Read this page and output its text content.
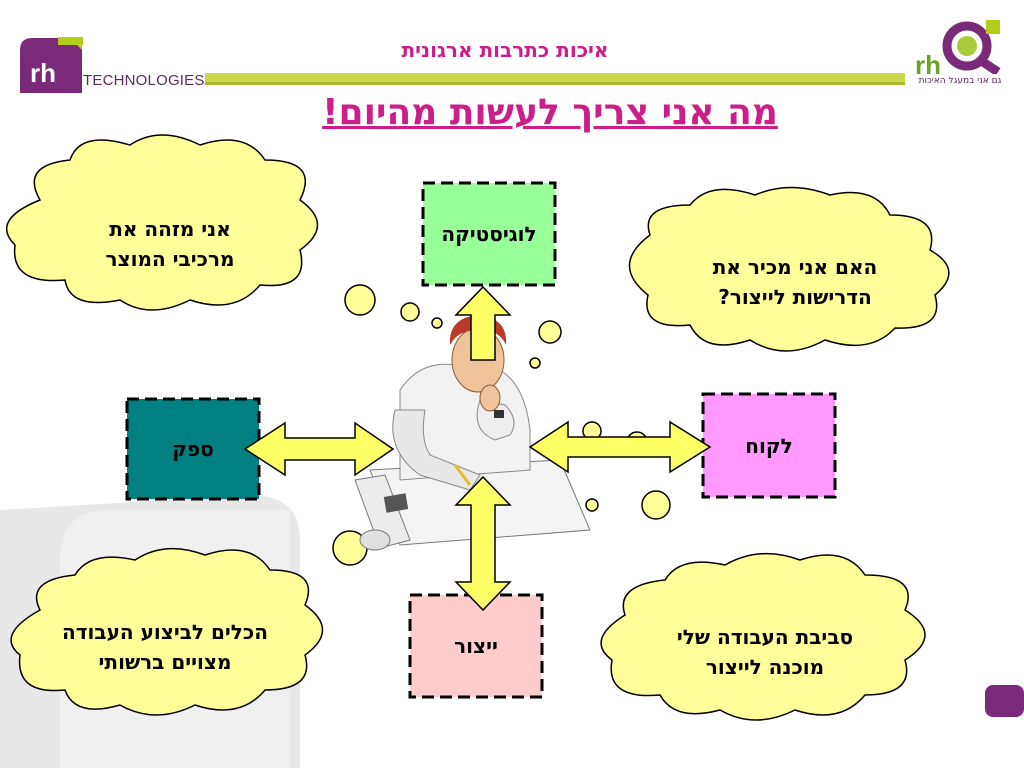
rh TECHNOLOGIES
איכות כתרבות ארגונית	rh
גם אני במעגל האיכות
מה אני צריך לעשות מהיום!
לוגיסטיקה
ספק	לקוח
ייצור
אני מזהה את
מרכיבי המוצר	האם אני מכיר את
הדרישות לייצור?
הכלים לביצוע העבודה
מצויים ברשותי
סביבת העבודה שלי
מוכנה לייצור
